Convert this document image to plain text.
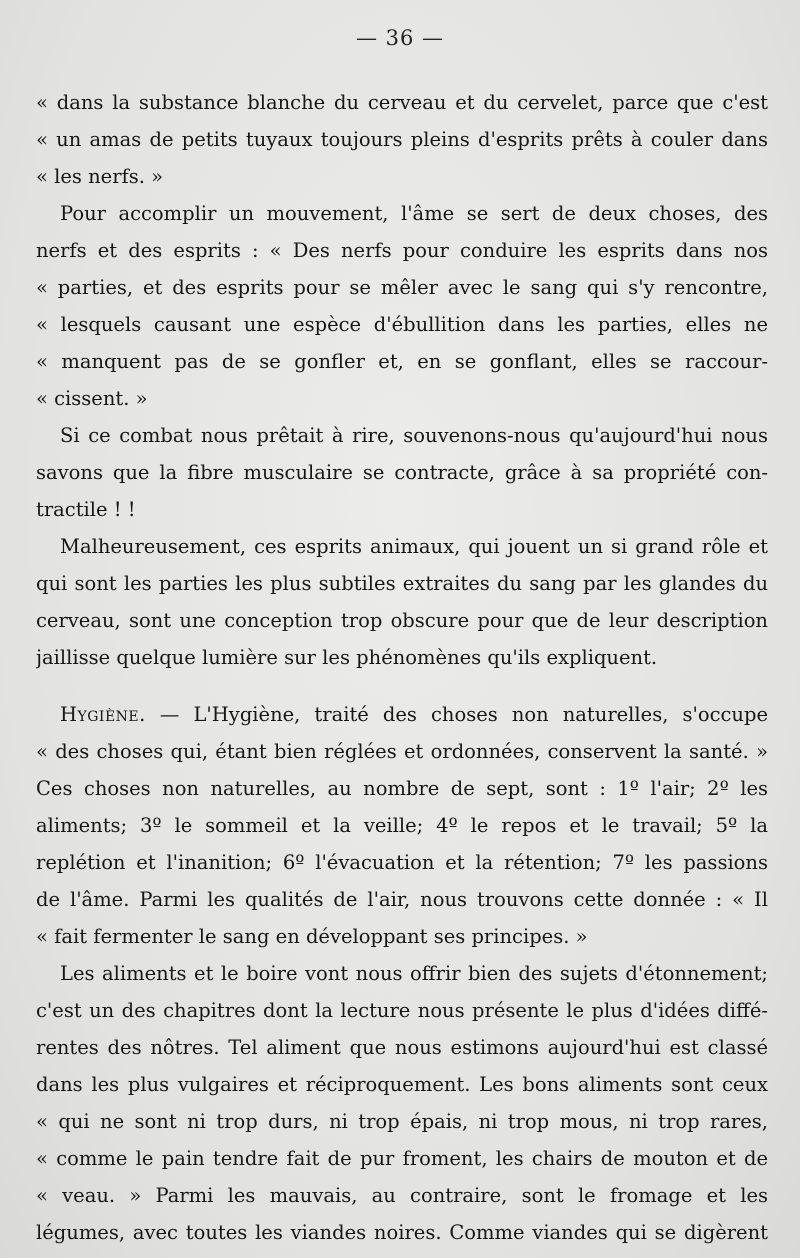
— 36 —
« dans la substance blanche du cerveau et du cervelet, parce que c'est
« un amas de petits tuyaux toujours pleins d'esprits prêts à couler dans
« les nerfs. »
Pour accomplir un mouvement, l'âme se sert de deux choses, des
nerfs et des esprits : « Des nerfs pour conduire les esprits dans nos
« parties, et des esprits pour se mêler avec le sang qui s'y rencontre,
« lesquels causant une espèce d'ébullition dans les parties, elles ne
« manquent pas de se gonfler et, en se gonflant, elles se raccour-
« cissent. »
Si ce combat nous prêtait à rire, souvenons-nous qu'aujourd'hui nous
savons que la fibre musculaire se contracte, grâce à sa propriété con-
tractile ! !
Malheureusement, ces esprits animaux, qui jouent un si grand rôle et
qui sont les parties les plus subtiles extraites du sang par les glandes du
cerveau, sont une conception trop obscure pour que de leur description
jaillisse quelque lumière sur les phénomènes qu'ils expliquent.
Hygiène. — L'Hygiène, traité des choses non naturelles, s'occupe
« des choses qui, étant bien réglées et ordonnées, conservent la santé. »
Ces choses non naturelles, au nombre de sept, sont : 1º l'air; 2º les
aliments; 3º le sommeil et la veille; 4º le repos et le travail; 5º la
replétion et l'inanition; 6º l'évacuation et la rétention; 7º les passions
de l'âme. Parmi les qualités de l'air, nous trouvons cette donnée : « Il
« fait fermenter le sang en développant ses principes. »
Les aliments et le boire vont nous offrir bien des sujets d'étonnement;
c'est un des chapitres dont la lecture nous présente le plus d'idées diffé-
rentes des nôtres. Tel aliment que nous estimons aujourd'hui est classé
dans les plus vulgaires et réciproquement. Les bons aliments sont ceux
« qui ne sont ni trop durs, ni trop épais, ni trop mous, ni trop rares,
« comme le pain tendre fait de pur froment, les chairs de mouton et de
« veau. » Parmi les mauvais, au contraire, sont le fromage et les
légumes, avec toutes les viandes noires. Comme viandes qui se digèrent
